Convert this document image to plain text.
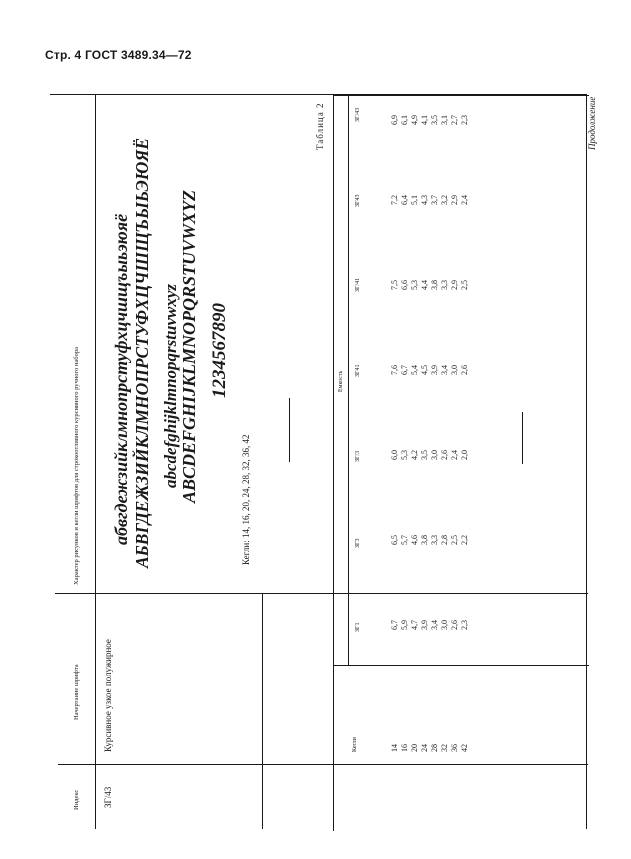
Стр. 4 ГОСТ 3489.34—72
Продолжение
Индекс
Начертание шрифта
Характер рисунков и кегли шрифтов для строкоотливного курсивного ручного набора
ЗГ/43
Курсивное узкое полужирное
абвгдежзийклмнопрстуфхцчшщъыьэюяё АБВГДЕЖЗИЙКЛМНОПРСТУФХЦЧШЩЪЫЬЭЮЯЁ abcdefghijklmnopqrstuvwxyz ABCDEFGHIJKLMNOPQRSTUVWXYZ 1234567890
Кегли: 14, 16, 20, 24, 28, 32, 36, 42
Таблица 2
Кегли
Емкость
ЗГ1
ЗГ3
ЗГ/3
ЗГ41
ЗГ/41
ЗГ43
ЗГ/43
14 16 20 24 28 32 36 42
6,7 5,9 4,7 3,9 3,4 3,0 2,6 2,3
6,5 5,7 4,6 3,8 3,3 2,8 2,5 2,2
6,0 5,3 4,2 3,5 3,0 2,6 2,4 2,0
7,6 6,7 5,4 4,5 3,9 3,4 3,0 2,6
7,5 6,6 5,3 4,4 3,8 3,3 2,9 2,5
7,2 6,4 5,1 4,3 3,7 3,2 2,9 2,4
6,9 6,1 4,9 4,1 3,5 3,1 2,7 2,3
